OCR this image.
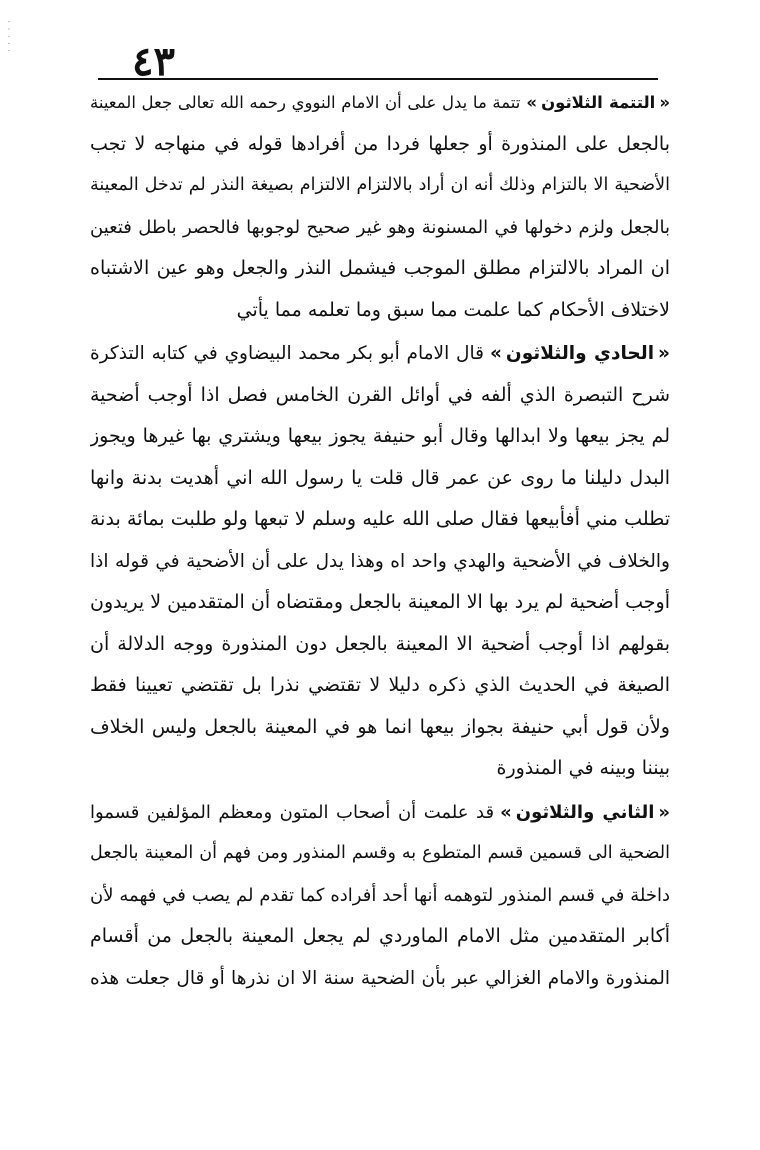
· · · · ·
٤٣
« التتمة الثلاثون »تتمة ما يدل على أن الامام النووي رحمه الله تعالى جعل المعينة
بالجعل على المنذورة أو جعلها فردا من أفرادها قوله في منهاجه لا تجب
الأضحية الا بالتزام وذلك أنه ان أراد بالالتزام الالتزام بصيغة النذر لم تدخل المعينة
بالجعل ولزم دخولها في المسنونة وهو غير صحيح لوجوبها فالحصر باطل فتعين
ان المراد بالالتزام مطلق الموجب فيشمل النذر والجعل وهو عين الاشتباه
لاختلاف الأحكام كما علمت مما سبق وما تعلمه مما يأتي
« الحادي والثلاثون »قال الامام أبو بكر محمد البيضاوي في كتابه التذكرة
شرح التبصرة الذي ألفه في أوائل القرن الخامس فصل اذا أوجب أضحية
لم يجز بيعها ولا ابدالها وقال أبو حنيفة يجوز بيعها ويشتري بها غيرها ويجوز
البدل دليلنا ما روى عن عمر قال قلت يا رسول الله اني أهديت بدنة وانها
تطلب مني أفأبيعها فقال صلى الله عليه وسلم لا تبعها ولو طلبت بمائة بدنة
والخلاف في الأضحية والهدي واحد اه وهذا يدل على أن الأضحية في قوله اذا
أوجب أضحية لم يرد بها الا المعينة بالجعل ومقتضاه أن المتقدمين لا يريدون
بقولهم اذا أوجب أضحية الا المعينة بالجعل دون المنذورة ووجه الدلالة أن
الصيغة في الحديث الذي ذكره دليلا لا تقتضي نذرا بل تقتضي تعيينا فقط
ولأن قول أبي حنيفة بجواز بيعها انما هو في المعينة بالجعل وليس الخلاف
بيننا وبينه في المنذورة
« الثاني والثلاثون »قد علمت أن أصحاب المتون ومعظم المؤلفين قسموا
الضحية الى قسمين قسم المتطوع به وقسم المنذور ومن فهم أن المعينة بالجعل
داخلة في قسم المنذور لتوهمه أنها أحد أفراده كما تقدم لم يصب في فهمه لأن
أكابر المتقدمين مثل الامام الماوردي لم يجعل المعينة بالجعل من أقسام
المنذورة والامام الغزالي عبر بأن الضحية سنة الا ان نذرها أو قال جعلت هذه
